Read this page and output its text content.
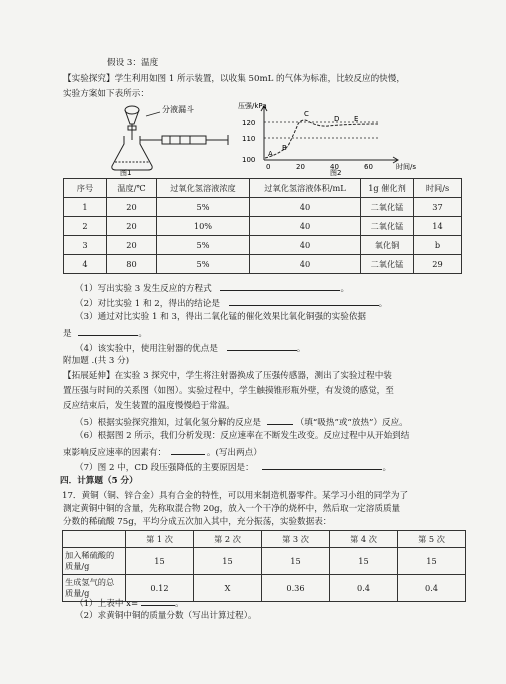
假设 3：温度
【实验探究】学生利用如图 1 所示装置，以收集 50mL 的气体为标准，比较反应的快慢，
实验方案如下表所示：
分液漏斗
图1
压强/kPa
120
110
100
0	20	40	60	时间/s
A
B
C
D E
图2
序号	温度/℃	过氧化氢溶液浓度	过氧化氢溶液体积/mL	1g 催化剂	时间/s
1	20	5%	40	二氧化锰	37
2	20	10%	40	二氧化锰	14
3	20	5%	40	氧化铜	b
4	80	5%	40	二氧化锰	29
（1）写出实验 3 发生反应的方程式	。
（2）对比实验 1 和 2，得出的结论是	。
（3）通过对比实验 1 和 3，得出二氧化锰的催化效果比氧化铜强的实验依据
是	。
（4）该实验中，使用注射器的优点是	。
附加题 .(共 3 分)
【拓展延伸】在实验 3 探究中，学生将注射器换成了压强传感器，测出了实验过程中装
置压强与时间的关系图（如图）。实验过程中，学生触摸锥形瓶外壁，有发烫的感觉，至
反应结束后，发生装置的温度慢慢趋于常温。
（5）根据实验探究推知，过氧化氢分解的反应是	（填“吸热”或“放热”）反应。
（6）根据图 2 所示，我们分析发现：反应速率在不断发生改变。反应过程中从开始到结
束影响反应速率的因素有：	。(写出两点）
（7）图 2 中，CD 段压强降低的主要原因是：	。
四．计算题（5 分）
17．黄铜（铜、锌合金）具有合金的特性，可以用来制造机器零件。某学习小组的同学为了
测定黄铜中铜的含量，先称取混合物 20g，放入一个干净的烧杯中，然后取一定溶质质量
	第 1 次	第 2 次	第 3 次	第 4 次	第 5 次

加入稀硫酸的
质量/g	15	15	15	15	15

生成氢气的总
质量/g	0.12	X	0.36	0.4	0.4
分数的稀硫酸 75g，平均分成五次加入其中，充分振荡，实验数据表：
（1）上表中 x=	。
（2）求黄铜中铜的质量分数（写出计算过程）。
